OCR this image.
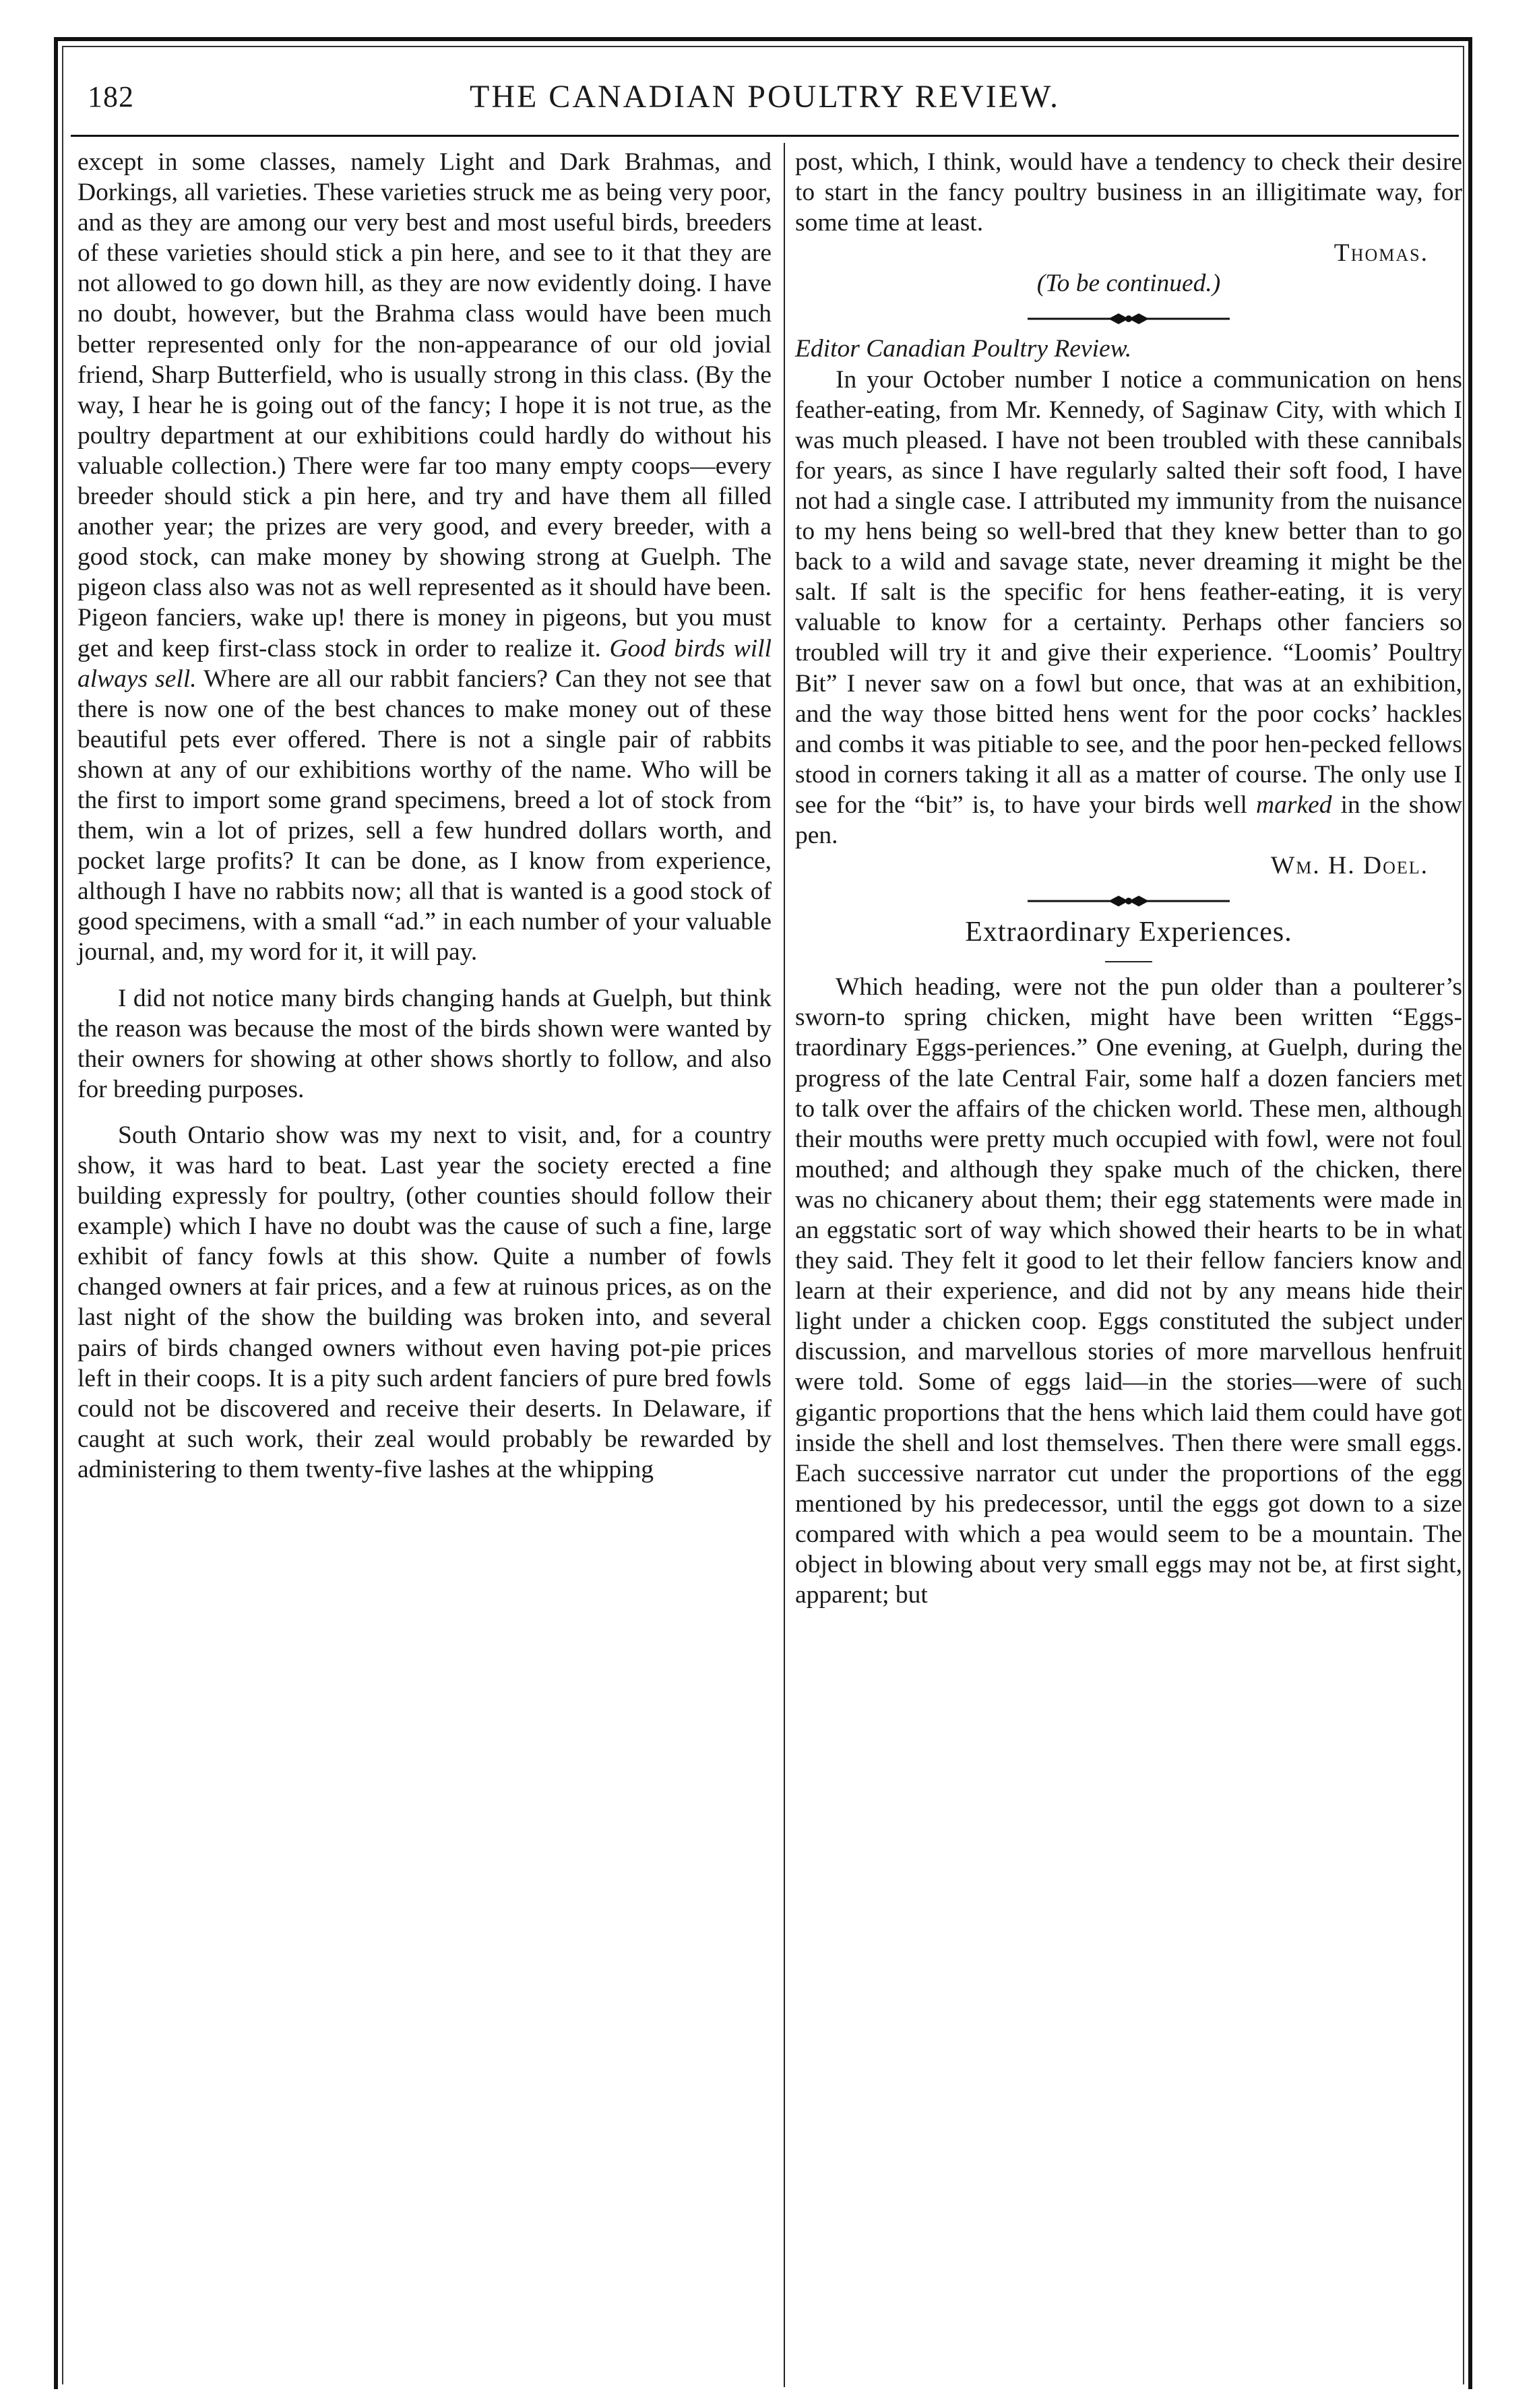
182	THE CANADIAN POULTRY REVIEW.

except in some classes, namely Light and Dark Brahmas, and Dorkings, all varieties. These varieties struck me as being very poor, and as they are among our very best and most useful birds, breeders of these varieties should stick a pin here, and see to it that they are not allowed to go down hill, as they are now evidently doing. I have no doubt, however, but the Brahma class would have been much better represented only for the non-appearance of our old jovial friend, Sharp Butterfield, who is usually strong in this class. (By the way, I hear he is going out of the fancy; I hope it is not true, as the poultry department at our exhibitions could hardly do without his valuable collection.) There were far too many empty coops—every breeder should stick a pin here, and try and have them all filled another year; the prizes are very good, and every breeder, with a good stock, can make money by showing strong at Guelph. The pigeon class also was not as well represented as it should have been. Pigeon fanciers, wake up! there is money in pigeons, but you must get and keep first-class stock in order to realize it. Good birds will always sell. Where are all our rabbit fanciers? Can they not see that there is now one of the best chances to make money out of these beautiful pets ever offered. There is not a single pair of rabbits shown at any of our exhibitions worthy of the name. Who will be the first to import some grand specimens, breed a lot of stock from them, win a lot of prizes, sell a few hundred dollars worth, and pocket large profits? It can be done, as I know from experience, although I have no rabbits now; all that is wanted is a good stock of good specimens, with a small “ad.” in each number of your valuable journal, and, my word for it, it will pay.

I did not notice many birds changing hands at Guelph, but think the reason was because the most of the birds shown were wanted by their owners for showing at other shows shortly to follow, and also for breeding purposes.

South Ontario show was my next to visit, and, for a country show, it was hard to beat. Last year the society erected a fine building expressly for poultry, (other counties should follow their example) which I have no doubt was the cause of such a fine, large exhibit of fancy fowls at this show. Quite a number of fowls changed owners at fair prices, and a few at ruinous prices, as on the last night of the show the building was broken into, and several pairs of birds changed owners without even having pot-pie prices left in their coops. It is a pity such ardent fanciers of pure bred fowls could not be discovered and receive their deserts. In Delaware, if caught at such work, their zeal would probably be rewarded by administering to them twenty-five lashes at the whipping

post, which, I think, would have a tendency to check their desire to start in the fancy poultry business in an illigitimate way, for some time at least.

Thomas.

(To be continued.)

Editor Canadian Poultry Review.

In your October number I notice a communication on hens feather-eating, from Mr. Kennedy, of Saginaw City, with which I was much pleased. I have not been troubled with these cannibals for years, as since I have regularly salted their soft food, I have not had a single case. I attributed my immunity from the nuisance to my hens being so well-bred that they knew better than to go back to a wild and savage state, never dreaming it might be the salt. If salt is the specific for hens feather-eating, it is very valuable to know for a certainty. Perhaps other fanciers so troubled will try it and give their experience. “Loomis’ Poultry Bit” I never saw on a fowl but once, that was at an exhibition, and the way those bitted hens went for the poor cocks’ hackles and combs it was pitiable to see, and the poor hen-pecked fellows stood in corners taking it all as a matter of course. The only use I see for the “bit” is, to have your birds well marked in the show pen.

Wm. H. Doel.

Extraordinary Experiences.

Which heading, were not the pun older than a poulterer’s sworn-to spring chicken, might have been written “Eggs-traordinary Eggs-periences.” One evening, at Guelph, during the progress of the late Central Fair, some half a dozen fanciers met to talk over the affairs of the chicken world. These men, although their mouths were pretty much occupied with fowl, were not foul mouthed; and although they spake much of the chicken, there was no chicanery about them; their egg statements were made in an eggstatic sort of way which showed their hearts to be in what they said. They felt it good to let their fellow fanciers know and learn at their experience, and did not by any means hide their light under a chicken coop. Eggs constituted the subject under discussion, and marvellous stories of more marvellous henfruit were told. Some of eggs laid—in the stories—were of such gigantic proportions that the hens which laid them could have got inside the shell and lost themselves. Then there were small eggs. Each successive narrator cut under the proportions of the egg mentioned by his predecessor, until the eggs got down to a size compared with which a pea would seem to be a mountain. The object in blowing about very small eggs may not be, at first sight, apparent; but
